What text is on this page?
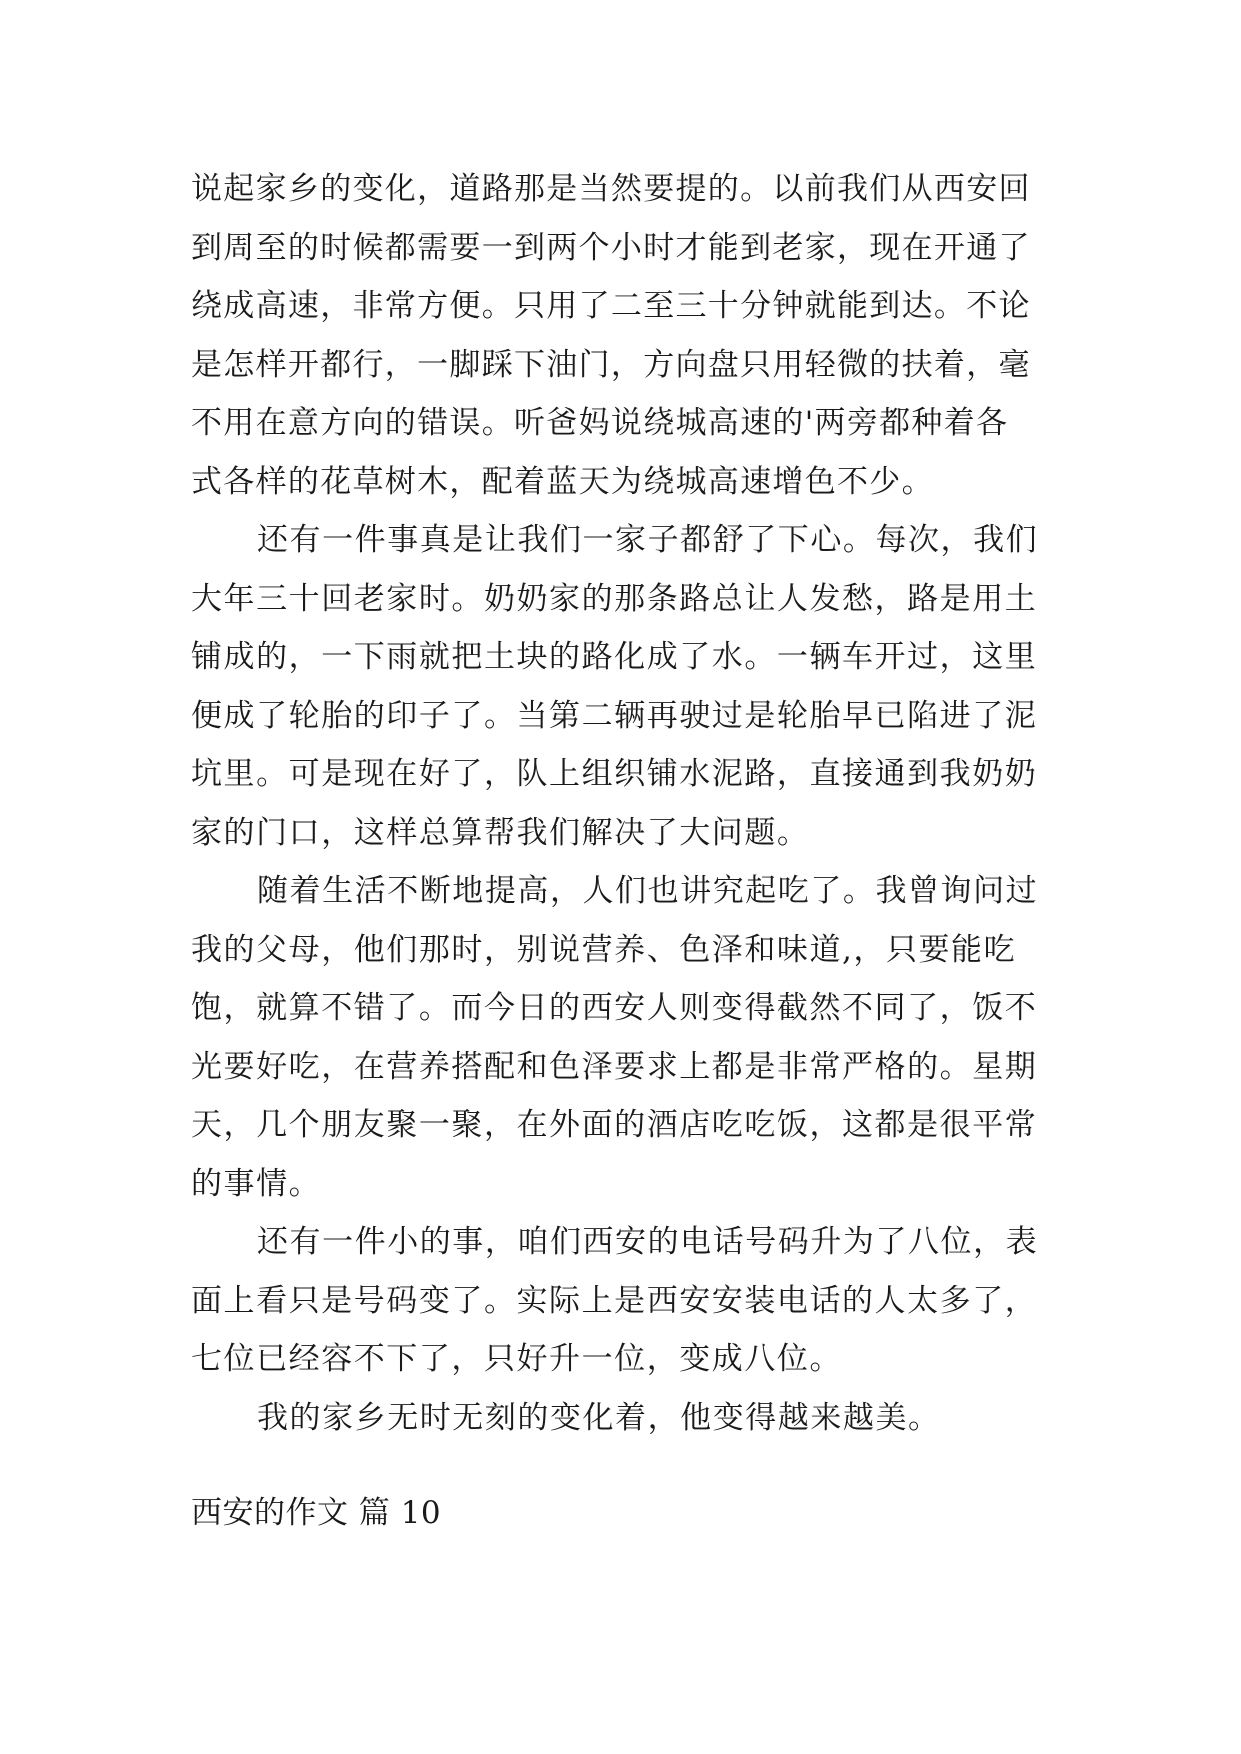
说起家乡的变化，道路那是当然要提的。以前我们从西安回
到周至的时候都需要一到两个小时才能到老家，现在开通了
绕成高速，非常方便。只用了二至三十分钟就能到达。不论
是怎样开都行，一脚踩下油门，方向盘只用轻微的扶着，毫
不用在意方向的错误。听爸妈说绕城高速的'两旁都种着各
式各样的花草树木，配着蓝天为绕城高速增色不少。
还有一件事真是让我们一家子都舒了下心。每次，我们
大年三十回老家时。奶奶家的那条路总让人发愁，路是用土
铺成的，一下雨就把土块的路化成了水。一辆车开过，这里
便成了轮胎的印子了。当第二辆再驶过是轮胎早已陷进了泥
坑里。可是现在好了，队上组织铺水泥路，直接通到我奶奶
家的门口，这样总算帮我们解决了大问题。
随着生活不断地提高，人们也讲究起吃了。我曾询问过
我的父母，他们那时，别说营养、色泽和味道,，只要能吃
饱，就算不错了。而今日的西安人则变得截然不同了，饭不
光要好吃，在营养搭配和色泽要求上都是非常严格的。星期
天，几个朋友聚一聚，在外面的酒店吃吃饭，这都是很平常
的事情。
还有一件小的事，咱们西安的电话号码升为了八位，表
面上看只是号码变了。实际上是西安安装电话的人太多了，
七位已经容不下了，只好升一位，变成八位。
我的家乡无时无刻的变化着，他变得越来越美。
西安的作文 篇 10
